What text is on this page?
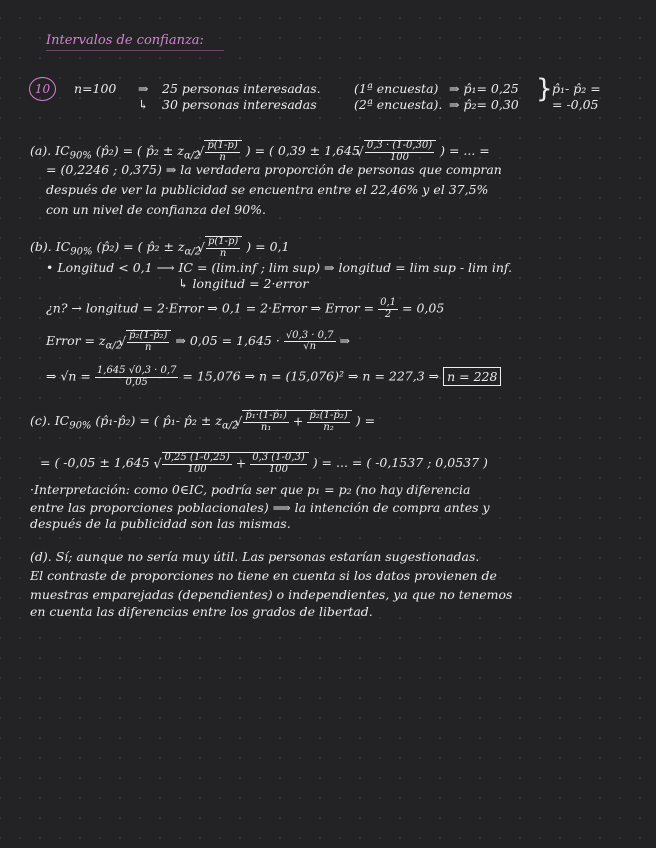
Intervalos de confianza:
10	n=100 ⇒ 25 personas interesadas.	(1ª encuesta) ⇒ p̂₁= 0,25
↳ 30 personas interesadas	(2ª encuesta). ⇒ p̂₂= 0,30
} p̂₁- p̂₂ =
= -0,05
(a). $IC_{90\%}$ (p̂₂) = ( p̂₂ ± $z_{\alpha/2}$ √ $\frac{p̂(1-p)}{n}$ ) = ( 0,39 ± 1,645 √ $\frac{0,3 \cdot (1-0,30)}{100}$ ) = ... =
= (0,2246 ; 0,375) ⇒ la verdadera proporción de personas que compran
después de ver la publicidad se encuentra entre el 22,46% y el 37,5%
con un nivel de confianza del 90%.
(b). $IC_{90\%}$ (p̂₂) = ( p̂₂ ± $z_{\alpha/2}$ √ $\frac{p(1-p)}{n}$ ) = 0,1
• Longitud < 0,1 ⟶ IC = (lim.inf ; lim sup) ⇒ longitud = lim sup - lim inf.
↳ longitud = 2·error
¿n? → longitud = 2·Error ⇒ 0,1 = 2·Error ⇒ Error = $\frac{0,1}{2} = 0,05$
Error = $z_{\alpha/2}$ √ $\frac{\text{p̂₂(1-p̂₂)}}{n}$ ⇒ $0,05 = 1,645 \cdot \frac{√0,3 \cdot 0,7}{√n}$ ⇒
⇒ $√n = \frac{1,645 √0,3 \cdot 0,7}{0,05} = 15,076$ ⇒ n = (15,076)² ⇒ n = 227,3 ⇒ n = 228
(c). $IC_{90\%}$ (p̂₁-p̂₂) = ( p̂₁- p̂₂ ± $z_{\alpha/2}$ √ $\frac{\text{p̂₁·(1-p̂₁)}}{\text{n₁}} + \frac{\text{p̂₂(1-p̂₂)}}{\text{n₂}}$ ) =
= ( -0,05 ± 1,645 · √ $\frac{0,25 (1-0,25)}{100} + \frac{0,3 (1-0,3)}{100}$ ) = ... = ( -0,1537 ; 0,0537 )
·Interpretación: como 0∈IC, podría ser que p₁ = p₂ (no hay diferencia
entre las proporciones poblacionales) ⟹ la intención de compra antes y
después de la publicidad son las mismas.
(d). Sí; aunque no sería muy útil. Las personas estarían sugestionadas.
El contraste de proporciones no tiene en cuenta si los datos provienen de
muestras emparejadas (dependientes) o independientes, ya que no tenemos
en cuenta las diferencias entre los grados de libertad.
